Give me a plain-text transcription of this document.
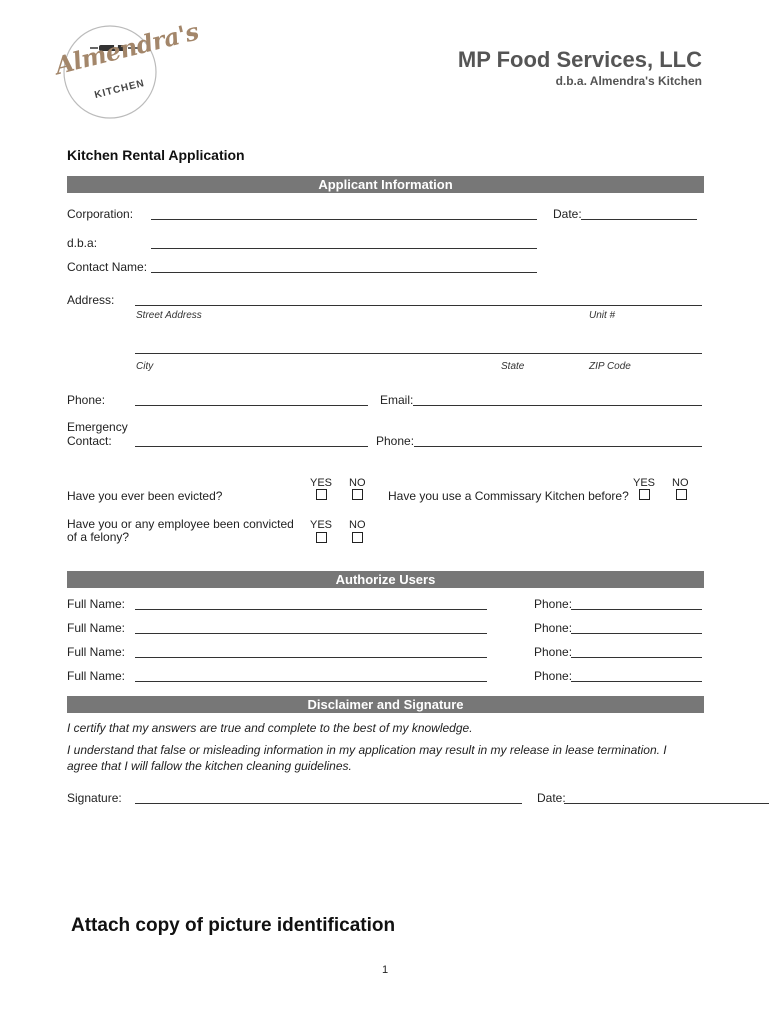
Almendra's
KITCHEN
MP Food Services, LLC
d.b.a. Almendra's Kitchen
Kitchen Rental Application
Applicant Information
Corporation:	Date:
d.b.a:
Contact Name:
Address:
Street Address	Unit #
City	State	ZIP Code
Phone:	Email:
Emergency
Contact:	Phone:
YES NO
Have you ever been evicted?
YES NO
Have you use a Commissary Kitchen before?
Have you or any employee been convicted
of a felony?
YES NO
Authorize Users
Full Name:	Phone:
Full Name:	Phone:
Full Name:	Phone:
Full Name:	Phone:
Disclaimer and Signature
I certify that my answers are true and complete to the best of my knowledge.
I understand that false or misleading information in my application may result in my release in lease termination. I
agree that I will fallow the kitchen cleaning guidelines.
Signature:	Date:
Attach copy of picture identification
1
